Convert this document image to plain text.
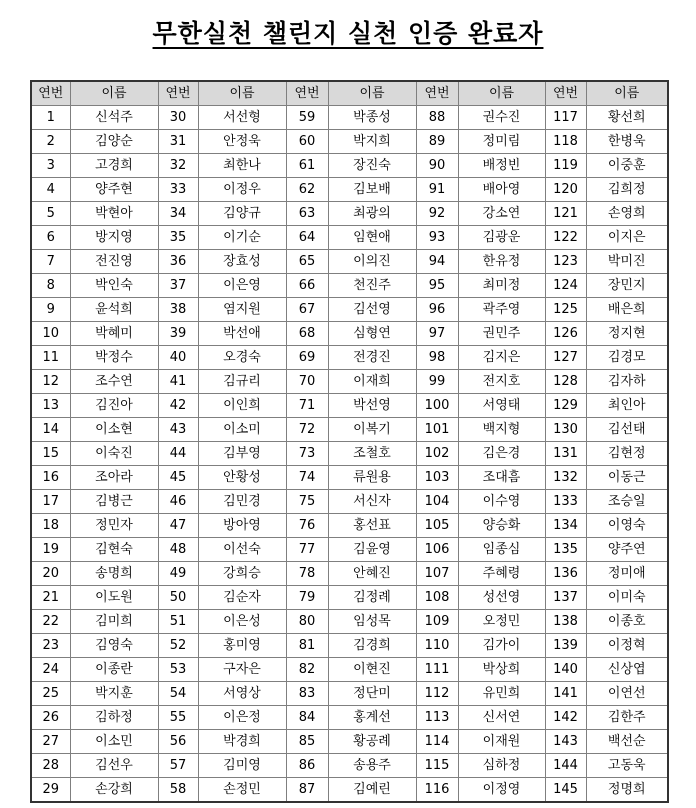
무한실천 챌린지 실천 인증 완료자
연번	이름	연번	이름	연번	이름	연번	이름	연번	이름
1	신석주	30	서선형	59	박종성	88	권수진	117	황선희
2	김양순	31	안정욱	60	박지희	89	정미림	118	한병욱
3	고경희	32	최한나	61	장진숙	90	배정빈	119	이중훈
4	양주현	33	이정우	62	김보배	91	배아영	120	김희정
5	박현아	34	김양규	63	최광의	92	강소연	121	손영희
6	방지영	35	이기순	64	임현애	93	김광운	122	이지은
7	전진영	36	장효성	65	이의진	94	한유정	123	박미진
8	박인숙	37	이은영	66	천진주	95	최미정	124	장민지
9	윤석희	38	염지원	67	김선영	96	곽주영	125	배은희
10	박혜미	39	박선애	68	심형연	97	권민주	126	정지현
11	박정수	40	오경숙	69	전경진	98	김지은	127	김경모
12	조수연	41	김규리	70	이재희	99	전지호	128	김자하
13	김진아	42	이인희	71	박선영	100	서영태	129	최인아
14	이소현	43	이소미	72	이복기	101	백지형	130	김선태
15	이숙진	44	김부영	73	조철호	102	김은경	131	김현정
16	조아라	45	안황성	74	류원용	103	조대흠	132	이동근
17	김병근	46	김민경	75	서신자	104	이수영	133	조승일
18	정민자	47	방아영	76	홍선표	105	양승화	134	이영숙
19	김현숙	48	이선숙	77	김윤영	106	임종심	135	양주연
20	송명희	49	강희승	78	안혜진	107	주혜령	136	정미애
21	이도원	50	김순자	79	김정례	108	성선영	137	이미숙
22	김미희	51	이은성	80	임성목	109	오정민	138	이종호
23	김영숙	52	홍미영	81	김경희	110	김가이	139	이정혁
24	이종란	53	구자은	82	이현진	111	박상희	140	신상엽
25	박지훈	54	서영상	83	정단미	112	유민희	141	이연선
26	김하정	55	이은정	84	홍계선	113	신서연	142	김한주
27	이소민	56	박경희	85	황공례	114	이재원	143	백선순
28	김선우	57	김미영	86	송용주	115	심하정	144	고동욱
29	손강희	58	손정민	87	김예린	116	이정영	145	정명희
